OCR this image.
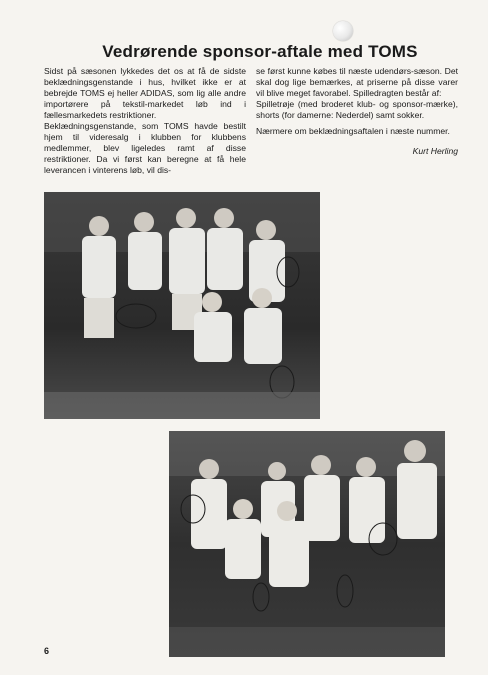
Vedrørende sponsor-aftale med TOMS

Sidst på sæsonen lykkedes det os at få de sidste beklædningsgenstande i hus, hvilket ikke er at bebrejde TOMS ej heller ADIDAS, som lig alle andre importørere på tekstil-markedet løb ind i fællesmarkedets restriktioner.

Beklædningsgenstande, som TOMS havde bestilt hjem til videresalg i klubben for klubbens medlemmer, blev ligeledes ramt af disse restriktioner. Da vi først kan beregne at få hele leverancen i vinterens løb, vil dis-

se først kunne købes til næste udendørs-sæson. Det skal dog lige bemærkes, at priserne på disse varer vil blive meget favorabel. Spilledragten består af:

Spilletrøje (med broderet klub- og sponsor-mærke), shorts (for damerne: Nederdel) samt sokker.

Nærmere om beklædningsaftalen i næste nummer.

Kurt Herling
6
